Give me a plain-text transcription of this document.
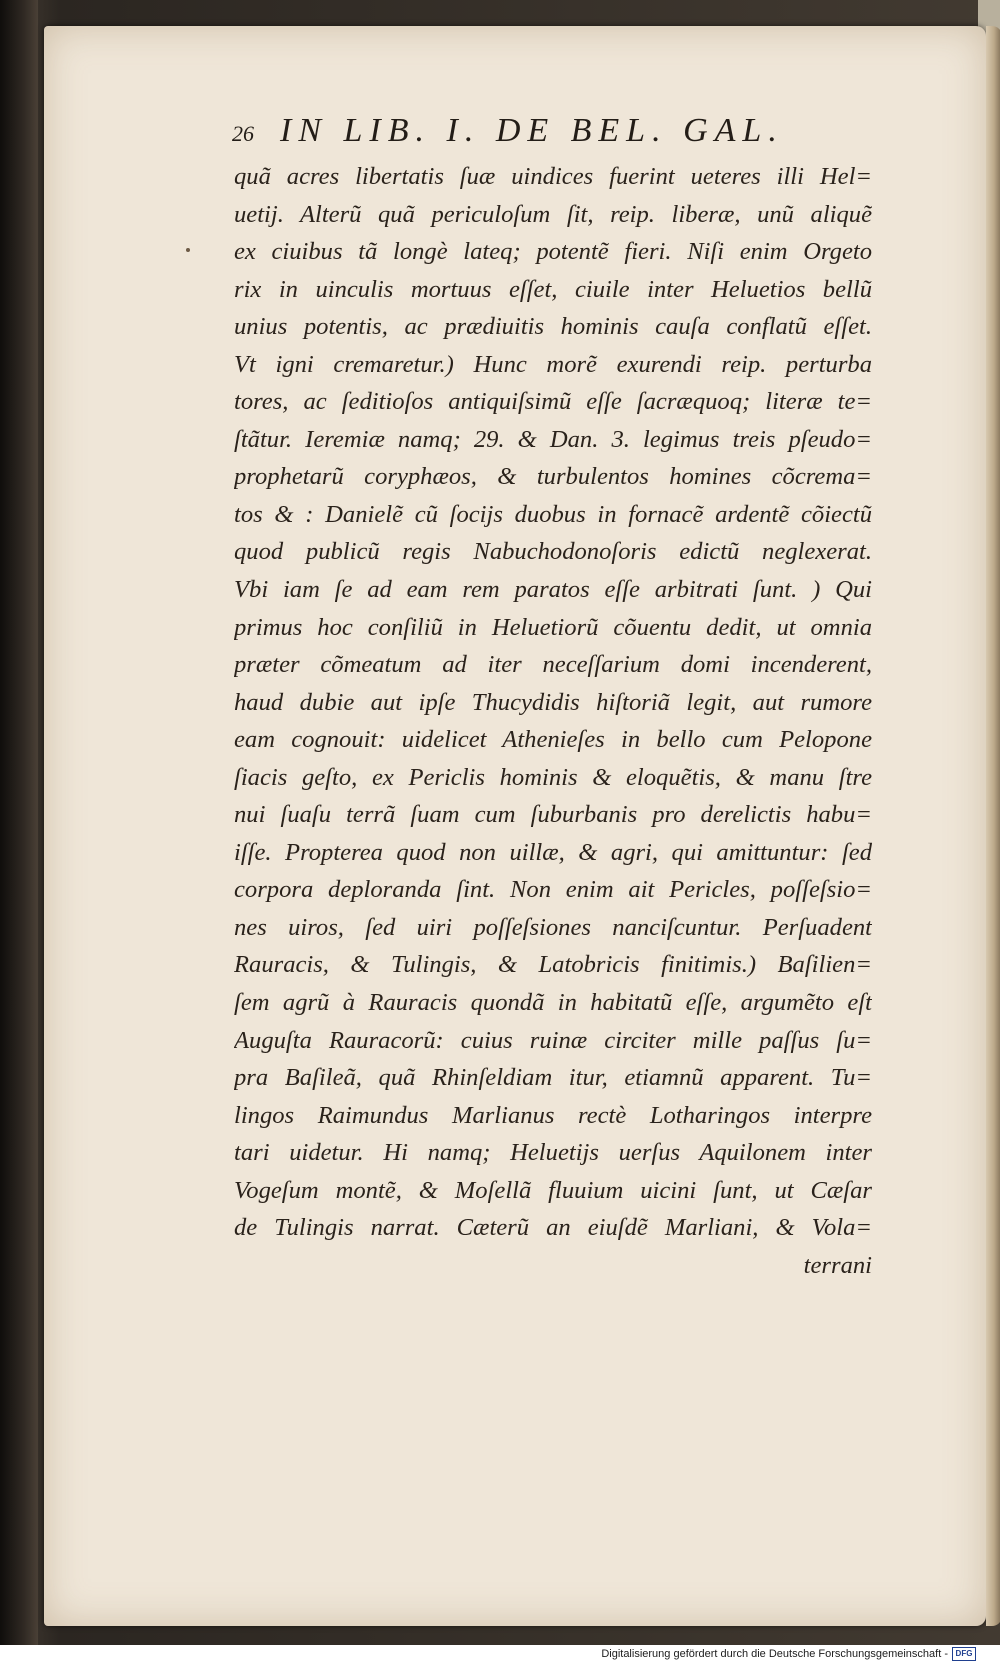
26 IN LIB. I. DE BEL. GAL.
quã acres libertatis ſuæ uindices fuerint ueteres illi Hel=
uetij. Alterũ quã periculoſum ſit, reip. liberæ, unũ aliquẽ
ex ciuibus tã longè lateq; potentẽ fieri. Niſi enim Orgeto
rix in uinculis mortuus eſſet, ciuile inter Heluetios bellũ
unius potentis, ac prædiuitis hominis cauſa conflatũ eſſet.
Vt igni cremaretur.) Hunc morẽ exurendi reip. perturba
tores, ac ſeditioſos antiquiſsimũ eſſe ſacræquoq; literæ te=
ſtãtur. Ieremiæ namq; 29. & Dan. 3. legimus treis pſeudo=
prophetarũ coryphæos, & turbulentos homines cõcrema=
tos & : Danielẽ cũ ſocijs duobus in fornacẽ ardentẽ cõiectũ
quod publicũ regis Nabuchodonoſoris edictũ neglexerat.
Vbi iam ſe ad eam rem paratos eſſe arbitrati ſunt. ) Qui
primus hoc conſiliũ in Heluetiorũ cõuentu dedit, ut omnia
præter cõmeatum ad iter neceſſarium domi incenderent,
haud dubie aut ipſe Thucydidis hiſtoriã legit, aut rumore
eam cognouit: uidelicet Athenieſes in bello cum Pelopone
ſiacis geſto, ex Periclis hominis & eloquẽtis, & manu ſtre
nui ſuaſu terrã ſuam cum ſuburbanis pro derelictis habu=
iſſe. Propterea quod non uillæ, & agri, qui amittuntur: ſed
corpora deploranda ſint. Non enim ait Pericles, poſſeſsio=
nes uiros, ſed uiri poſſeſsiones nanciſcuntur. Perſuadent
Rauracis, & Tulingis, & Latobricis finitimis.) Baſilien=
ſem agrũ à Rauracis quondã in habitatũ eſſe, argumẽto eſt
Auguſta Rauracorũ: cuius ruinæ circiter mille paſſus ſu=
pra Baſileã, quã Rhinſeldiam itur, etiamnũ apparent. Tu=
lingos Raimundus Marlianus rectè Lotharingos interpre
tari uidetur. Hi namq; Heluetijs uerſus Aquilonem inter
Vogeſum montẽ, & Moſellã fluuium uicini ſunt, ut Cæſar
de Tulingis narrat. Cæterũ an eiuſdẽ Marliani, & Vola=
terrani
Digitalisierung gefördert durch die Deutsche Forschungsgemeinschaft - DFG
